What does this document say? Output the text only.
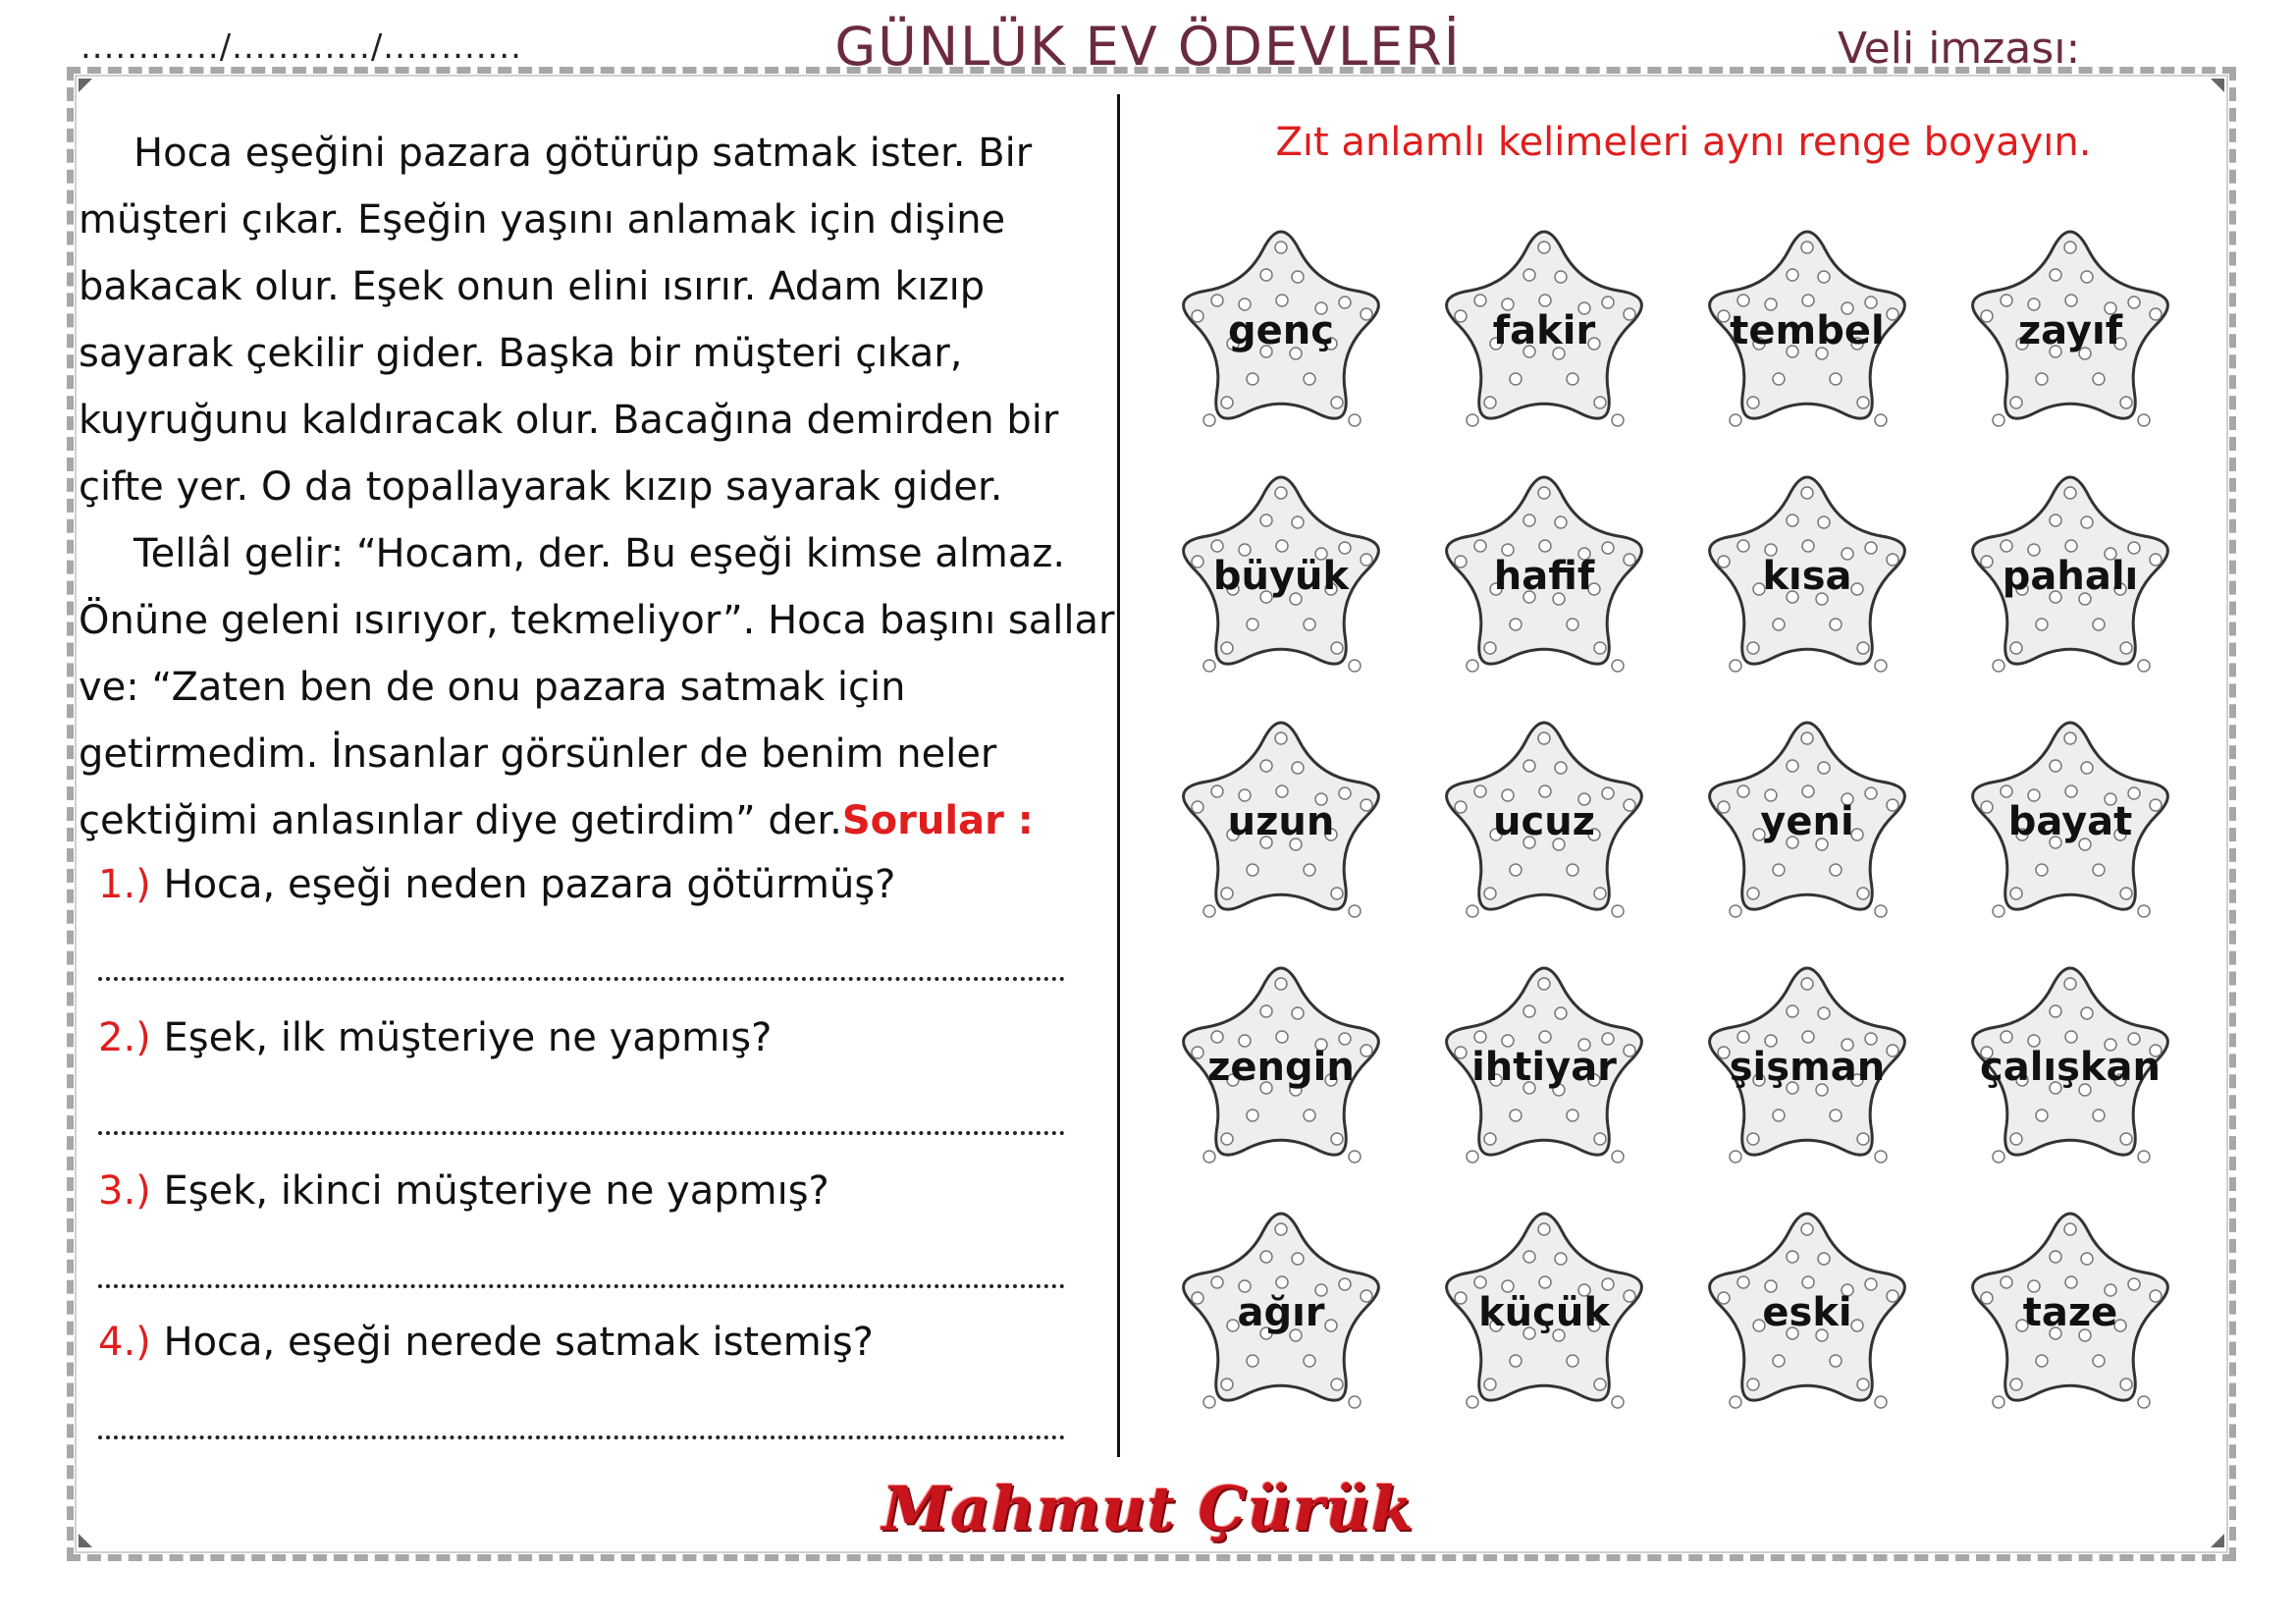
............/............/............	GÜNLÜK EV ÖDEVLERİ	Veli imzası:

Hoca eşeğini pazara götürüp satmak ister. Bir müşteri çıkar. Eşeğin yaşını anlamak için dişine bakacak olur. Eşek onun elini ısırır. Adam kızıp sayarak çekilir gider. Başka bir müşteri çıkar, kuyruğunu kaldıracak olur. Bacağına demirden bir çifte yer. O da topallayarak kızıp sayarak gider.

Tellâl gelir: “Hocam, der. Bu eşeği kimse almaz. Önüne geleni ısırıyor, tekmeliyor”. Hoca başını sallar ve: “Zaten ben de onu pazara satmak için getirmedim. İnsanlar görsünler de benim neler çektiğimi anlasınlar diye getirdim” der.Sorular :

1.) Hoca, eşeği neden pazara götürmüş?
2.) Eşek, ilk müşteriye ne yapmış?
3.) Eşek, ikinci müşteriye ne yapmış?
4.) Hoca, eşeği nerede satmak istemiş?
Zıt anlamlı kelimeleri aynı renge boyayın.
genç	fakir	tembel	zayıf
büyük	hafif	kısa	pahalı
uzun	ucuz	yeni	bayat
zengin	ihtiyar	şişman	çalışkan
ağır	küçük	eski	taze
Mahmut Çürük
